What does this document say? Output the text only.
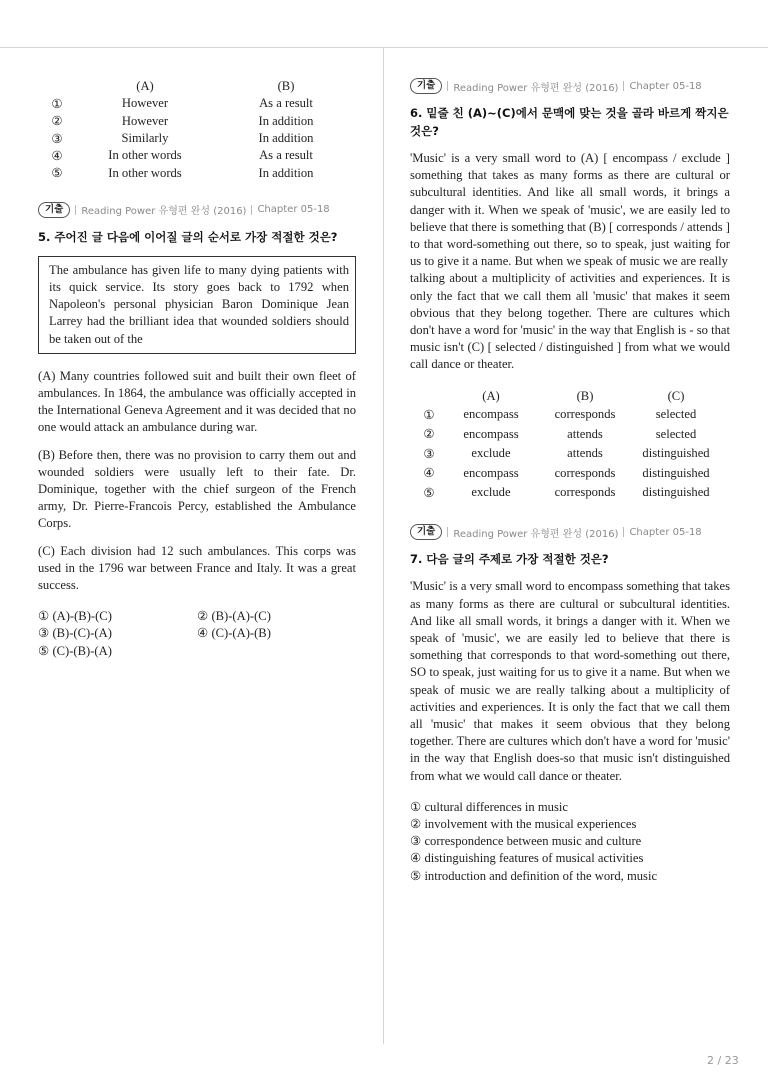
	(A)	(B)
①	However	As a result
②	However	In addition
③	Similarly	In addition
④	In other words	As a result
⑤	In other words	In addition
기출	Reading Power 유형편 완성 (2016) Chapter 05-18
5. 주어진 글 다음에 이어질 글의 순서로 가장 적절한 것은?
The ambulance has given life to many dying patients with its quick service. Its story goes back to 1792 when Napoleon's personal physician Baron Dominique Jean Larrey had the brilliant idea that wounded soldiers should be taken out of the

(A) Many countries followed suit and built their own fleet of ambulances. In 1864, the ambulance was officially accepted in the International Geneva Agreement and it was decided that no one would attack an ambulance during war.

(B) Before then, there was no provision to carry them out and wounded soldiers were usually left to their fate. Dr. Dominique, together with the chief surgeon of the French army, Dr. Pierre-Francois Percy, established the Ambulance Corps.

(C) Each division had 12 such ambulances. This corps was used in the 1796 war between France and Italy. It was a great success.

① (A)-(B)-(C)	② (B)-(A)-(C)
③ (B)-(C)-(A)	④ (C)-(A)-(B)
⑤ (C)-(B)-(A)
기출	Reading Power 유형편 완성 (2016) Chapter 05-18
6. 밑줄 친 (A)~(C)에서 문맥에 맞는 것을 골라 바르게 짝지은 것은?

'Music' is a very small word to (A) [ encompass / exclude ] something that takes as many forms as there are cultural or subcultural identities. And like all small words, it brings a danger with it. When we speak of 'music', we are easily led to believe that there is something that (B) [ corresponds / attends ] to that word-something out there, so to speak, just waiting for us to give it a name. But when we speak of music we are really
talking about a multiplicity of activities and experiences. It is only the fact that we call them all 'music' that makes it seem obvious that they belong together. There are cultures which don't have a word for 'music' in the way that English is - so that music isn't (C) [ selected / distinguished ] from what we would call dance or theater.

	(A)	(B)	(C)
①	encompass	corresponds	selected
②	encompass	attends	selected
③	exclude	attends	distinguished
④	encompass	corresponds	distinguished
⑤	exclude	corresponds	distinguished
기출	Reading Power 유형편 완성 (2016) Chapter 05-18
7. 다음 글의 주제로 가장 적절한 것은?

'Music' is a very small word to encompass something that takes as many forms as there are cultural or subcultural identities. And like all small words, it brings a danger with it. When we speak of 'music', we are easily led to believe that there is something that corresponds to that word-something out there, SO to speak, just waiting for us to give it a name. But when we speak of music we are really talking about a multiplicity of activities and experiences. It is only the fact that we call them all 'music' that makes it seem obvious that they belong together. There are cultures which don't have a word for 'music' in the way that English does-so that music isn't distinguished from what we would call dance or theater.

① cultural differences in music
② involvement with the musical experiences
③ correspondence between music and culture
④ distinguishing features of musical activities
⑤ introduction and definition of the word, music
2 / 23
